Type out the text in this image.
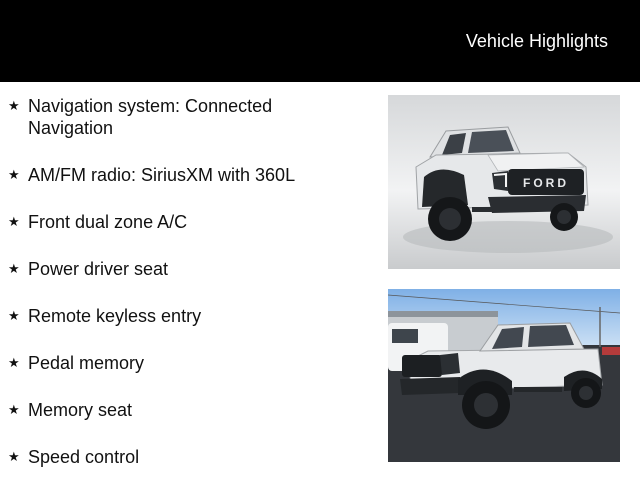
Vehicle Highlights
★ Navigation system: Connected Navigation
★ AM/FM radio: SiriusXM with 360L
★ Front dual zone A/C
★ Power driver seat
★ Remote keyless entry
★ Pedal memory
★ Memory seat
★ Speed control
FORD
